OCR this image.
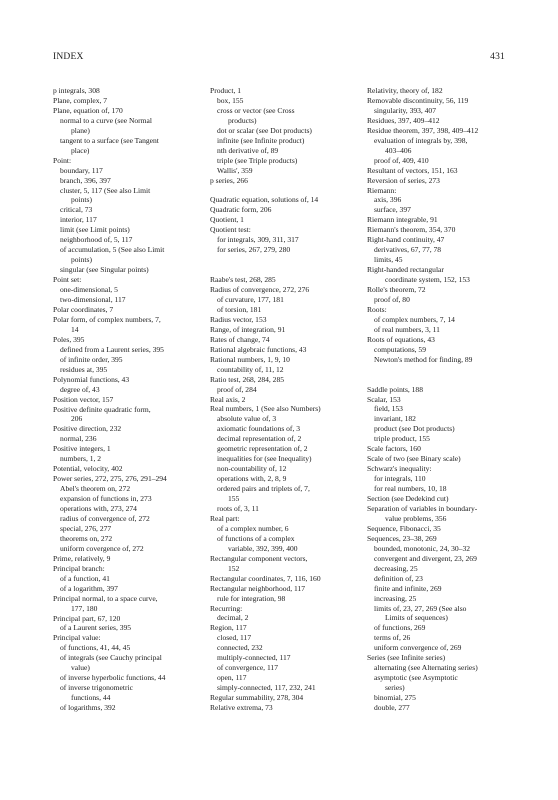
INDEX	431
p integrals, 308
Plane, complex, 7
Plane, equation of, 170
normal to a curve (see Normal
plane)
tangent to a surface (see Tangent
place)
Point:
boundary, 117
branch, 396, 397
cluster, 5, 117 (See also Limit
points)
critical, 73
interior, 117
limit (see Limit points)
neighborhood of, 5, 117
of accumulation, 5 (See also Limit
points)
singular (see Singular points)
Point set:
one-dimensional, 5
two-dimensional, 117
Polar coordinates, 7
Polar form, of complex numbers, 7,
14
Poles, 395
defined from a Laurent series, 395
of infinite order, 395
residues at, 395
Polynomial functions, 43
degree of, 43
Position vector, 157
Positive definite quadratic form,
206
Positive direction, 232
normal, 236
Positive integers, 1
numbers, 1, 2
Potential, velocity, 402
Power series, 272, 275, 276, 291–294
Abel's theorem on, 272
expansion of functions in, 273
operations with, 273, 274
radius of convergence of, 272
special, 276, 277
theorems on, 272
uniform covergence of, 272
Prime, relatively, 9
Principal branch:
of a function, 41
of a logarithm, 397
Principal normal, to a space curve,
177, 180
Principal part, 67, 120
of a Laurent series, 395
Principal value:
of functions, 41, 44, 45
of integrals (see Cauchy principal
value)
of inverse hyperbolic functions, 44
of inverse trigonometric
functions, 44
of logarithms, 392
Product, 1
box, 155
cross or vector (see Cross
products)
dot or scalar (see Dot products)
infinite (see Infinite product)
nth derivative of, 89
triple (see Triple products)
Wallis', 359
p series, 266
Quadratic equation, solutions of, 14
Quadratic form, 206
Quotient, 1
Quotient test:
for integrals, 309, 311, 317
for series, 267, 279, 280
Raabe's test, 268, 285
Radius of convergence, 272, 276
of curvature, 177, 181
of torsion, 181
Radius vector, 153
Range, of integration, 91
Rates of change, 74
Rational algebraic functions, 43
Rational numbers, 1, 9, 10
countability of, 11, 12
Ratio test, 268, 284, 285
proof of, 284
Real axis, 2
Real numbers, 1 (See also Numbers)
absolute value of, 3
axiomatic foundations of, 3
decimal representation of, 2
geometric representation of, 2
inequalities for (see Inequality)
non-countability of, 12
operations with, 2, 8, 9
ordered pairs and triplets of, 7,
155
roots of, 3, 11
Real part:
of a complex number, 6
of functions of a complex
variable, 392, 399, 400
Rectangular component vectors,
152
Rectangular coordinates, 7, 116, 160
Rectangular neighborhood, 117
rule for integration, 98
Recurring:
decimal, 2
Region, 117
closed, 117
connected, 232
multiply-connected, 117
of convergence, 117
open, 117
simply-connected, 117, 232, 241
Regular summability, 278, 304
Relative extrema, 73
Relativity, theory of, 182
Removable discontinuity, 56, 119
singularity, 393, 407
Residues, 397, 409–412
Residue theorem, 397, 398, 409–412
evaluation of integrals by, 398,
403–406
proof of, 409, 410
Resultant of vectors, 151, 163
Reversion of series, 273
Riemann:
axis, 396
surface, 397
Riemann integrable, 91
Riemann's theorem, 354, 370
Right-hand continuity, 47
derivatives, 67, 77, 78
limits, 45
Right-handed rectangular
coordinate system, 152, 153
Rolle's theorem, 72
proof of, 80
Roots:
of complex numbers, 7, 14
of real numbers, 3, 11
Roots of equations, 43
computations, 59
Newton's method for finding, 89
Saddle points, 188
Scalar, 153
field, 153
invariant, 182
product (see Dot products)
triple product, 155
Scale factors, 160
Scale of two (see Binary scale)
Schwarz's inequality:
for integrals, 110
for real numbers, 10, 18
Section (see Dedekind cut)
Separation of variables in boundary-
value problems, 356
Sequence, Fibonacci, 35
Sequences, 23–38, 269
bounded, monotonic, 24, 30–32
convergent and divergent, 23, 269
decreasing, 25
definition of, 23
finite and infinite, 269
increasing, 25
limits of, 23, 27, 269 (See also
Limits of sequences)
of functions, 269
terms of, 26
uniform convergence of, 269
Series (see Infinite series)
alternating (see Alternating series)
asymptotic (see Asymptotic
series)
binomial, 275
double, 277
